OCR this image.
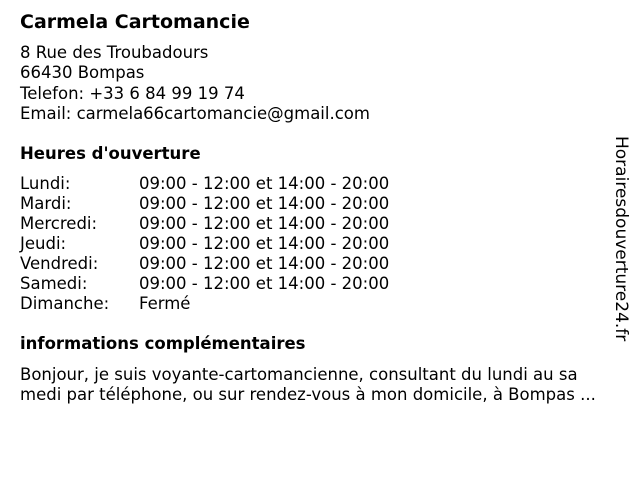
Carmela Cartomancie
8 Rue des Troubadours
66430 Bompas
Telefon: +33 6 84 99 19 74
Email: carmela66cartomancie@gmail.com
Heures d'ouverture
Lundi:	09:00 - 12:00 et 14:00 - 20:00
Mardi:	09:00 - 12:00 et 14:00 - 20:00
Mercredi:	09:00 - 12:00 et 14:00 - 20:00
Jeudi:	09:00 - 12:00 et 14:00 - 20:00
Vendredi: 09:00 - 12:00 et 14:00 - 20:00
Samedi:	09:00 - 12:00 et 14:00 - 20:00
Dimanche: Fermé
informations complémentaires
Bonjour, je suis voyante-cartomancienne, consultant du lundi au sa
medi par téléphone, ou sur rendez-vous à mon domicile, à Bompas ...
Horairesdouverture24.fr
